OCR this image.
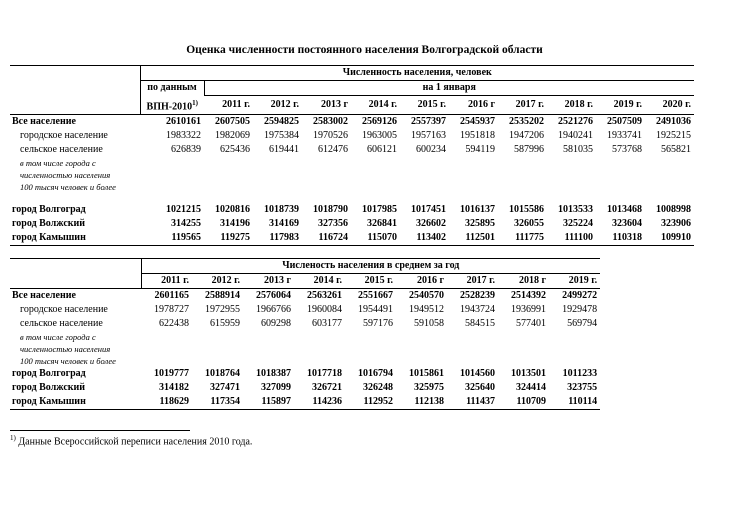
Оценка численности постоянного населения Волгоградской области
	Численность населения, человек										
	по данным	на 1 января									
	ВПН-2010$^{1)}$	2011 г.	2012 г.	2013 г	2014 г.	2015 г.	2016 г	2017 г.	2018 г.	2019 г.	2020 г.
Все население	2610161	2607505	2594825	2583002	2569126	2557397	2545937	2535202	2521276	2507509	2491036
городское население	1983322	1982069	1975384	1970526	1963005	1957163	1951818	1947206	1940241	1933741	1925215
сельское население	626839	625436	619441	612476	606121	600234	594119	587996	581035	573768	565821
в том числе города с											
численностью населения											
100 тысяч человек и более											

город Волгоград	1021215	1020816	1018739	1018790	1017985	1017451	1016137	1015586	1013533	1013468	1008998
город Волжский	314255	314196	314169	327356	326841	326602	325895	326055	325224	323604	323906
город Камышин	119565	119275	117983	116724	115070	113402	112501	111775	111100	110318	109910
	Численость населения в среднем за год								
	2011 г.	2012 г.	2013 г	2014 г.	2015 г.	2016 г	2017 г.	2018 г	2019 г.
Все население	2601165	2588914	2576064	2563261	2551667	2540570	2528239	2514392	2499272
городское население	1978727	1972955	1966766	1960084	1954491	1949512	1943724	1936991	1929478
сельское население	622438	615959	609298	603177	597176	591058	584515	577401	569794
в том числе города с									
численностью населения									
100 тысяч человек и более									
город Волгоград	1019777	1018764	1018387	1017718	1016794	1015861	1014560	1013501	1011233
город Волжский	314182	327471	327099	326721	326248	325975	325640	324414	323755
город Камышин	118629	117354	115897	114236	112952	112138	111437	110709	110114
$^{1)}$ Данные Всероссийской переписи населения 2010 года.
